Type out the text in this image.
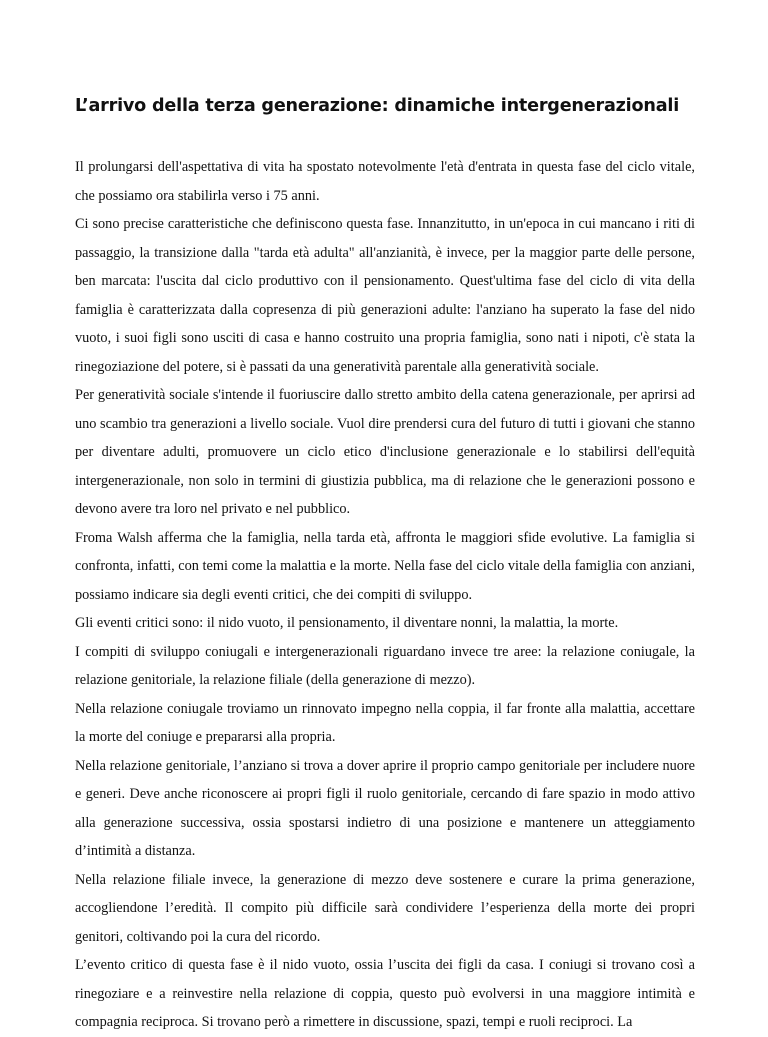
L’arrivo della terza generazione: dinamiche intergenerazionali

Il prolungarsi dell'aspettativa di vita ha spostato notevolmente l'età d'entrata in questa fase del ciclo vitale, che possiamo ora stabilirla verso i 75 anni.

Ci sono precise caratteristiche che definiscono questa fase. Innanzitutto, in un'epoca in cui mancano i riti di passaggio, la transizione dalla "tarda età adulta" all'anzianità, è invece, per la maggior parte delle persone, ben marcata: l'uscita dal ciclo produttivo con il pensionamento. Quest'ultima fase del ciclo di vita della famiglia è caratterizzata dalla copresenza di più generazioni adulte: l'anziano ha superato la fase del nido vuoto, i suoi figli sono usciti di casa e hanno costruito una propria famiglia, sono nati i nipoti, c'è stata la rinegoziazione del potere, si è passati da una generatività parentale alla generatività sociale.

Per generatività sociale s'intende il fuoriuscire dallo stretto ambito della catena generazionale, per aprirsi ad uno scambio tra generazioni a livello sociale. Vuol dire prendersi cura del futuro di tutti i giovani che stanno per diventare adulti, promuovere un ciclo etico d'inclusione generazionale e lo stabilirsi dell'equità intergenerazionale, non solo in termini di giustizia pubblica, ma di relazione che le generazioni possono e devono avere tra loro nel privato e nel pubblico.

Froma Walsh afferma che la famiglia, nella tarda età, affronta le maggiori sfide evolutive. La famiglia si confronta, infatti, con temi come la malattia e la morte. Nella fase del ciclo vitale della famiglia con anziani, possiamo indicare sia degli eventi critici, che dei compiti di sviluppo.

Gli eventi critici sono: il nido vuoto, il pensionamento, il diventare nonni, la malattia, la morte.

I compiti di sviluppo coniugali e intergenerazionali riguardano invece tre aree: la relazione coniugale, la relazione genitoriale, la relazione filiale (della generazione di mezzo).

Nella relazione coniugale troviamo un rinnovato impegno nella coppia, il far fronte alla malattia, accettare la morte del coniuge e prepararsi alla propria.

Nella relazione genitoriale, l’anziano si trova a dover aprire il proprio campo genitoriale per includere nuore e generi. Deve anche riconoscere ai propri figli il ruolo genitoriale, cercando di fare spazio in modo attivo alla generazione successiva, ossia spostarsi indietro di una posizione e mantenere un atteggiamento d’intimità a distanza.

Nella relazione filiale invece, la generazione di mezzo deve sostenere e curare la prima generazione, accogliendone l’eredità. Il compito più difficile sarà condividere l’esperienza della morte dei propri genitori, coltivando poi la cura del ricordo.

L’evento critico di questa fase è il nido vuoto, ossia l’uscita dei figli da casa. I coniugi si trovano così a rinegoziare e a reinvestire nella relazione di coppia, questo può evolversi in una maggiore intimità e compagnia reciproca. Si trovano però a rimettere in discussione, spazi, tempi e ruoli reciproci. La
